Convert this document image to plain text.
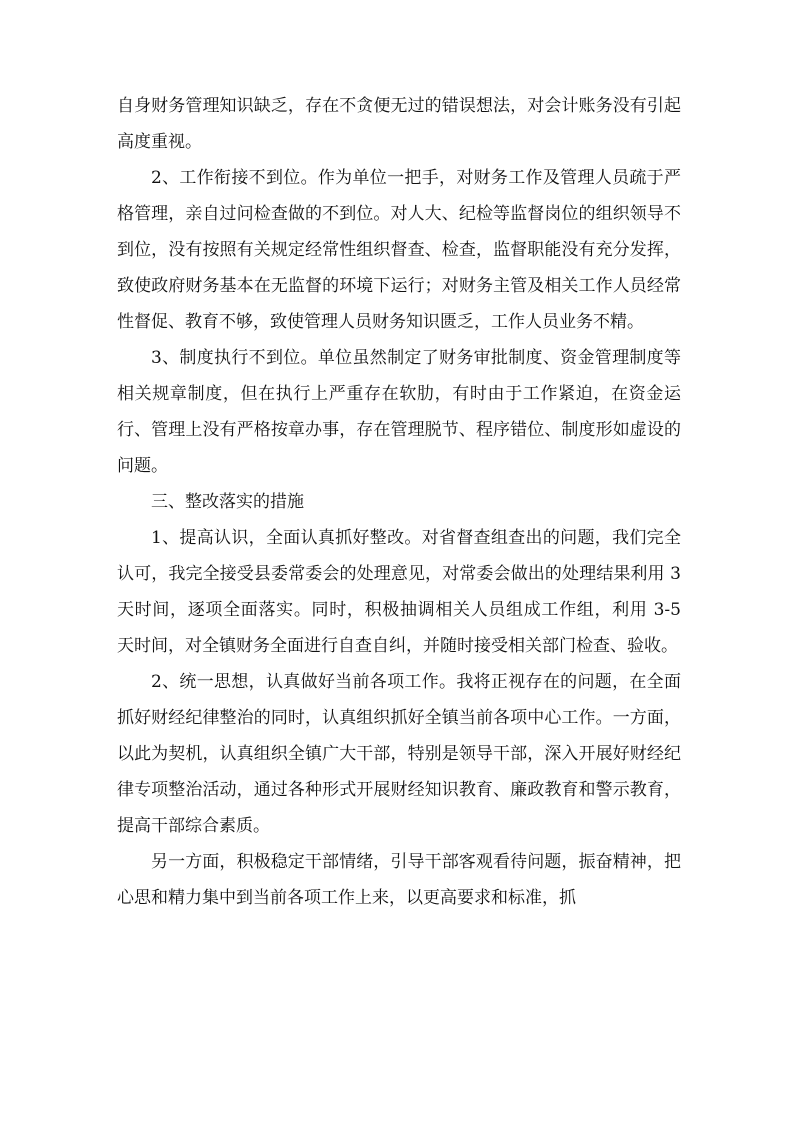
自身财务管理知识缺乏，存在不贪便无过的错误想法，对会计账务没有引起高度重视。

2、工作衔接不到位。作为单位一把手，对财务工作及管理人员疏于严格管理，亲自过问检查做的不到位。对人大、纪检等监督岗位的组织领导不到位，没有按照有关规定经常性组织督查、检查，监督职能没有充分发挥，致使政府财务基本在无监督的环境下运行；对财务主管及相关工作人员经常性督促、教育不够，致使管理人员财务知识匮乏，工作人员业务不精。

3、制度执行不到位。单位虽然制定了财务审批制度、资金管理制度等相关规章制度，但在执行上严重存在软肋，有时由于工作紧迫，在资金运行、管理上没有严格按章办事，存在管理脱节、程序错位、制度形如虚设的问题。

三、整改落实的措施

1、提高认识，全面认真抓好整改。对省督查组查出的问题，我们完全认可，我完全接受县委常委会的处理意见，对常委会做出的处理结果利用 3 天时间，逐项全面落实。同时，积极抽调相关人员组成工作组，利用 3-5 天时间，对全镇财务全面进行自查自纠，并随时接受相关部门检查、验收。

2、统一思想，认真做好当前各项工作。我将正视存在的问题，在全面抓好财经纪律整治的同时，认真组织抓好全镇当前各项中心工作。一方面，以此为契机，认真组织全镇广大干部，特别是领导干部，深入开展好财经纪律专项整治活动，通过各种形式开展财经知识教育、廉政教育和警示教育，提高干部综合素质。

另一方面，积极稳定干部情绪，引导干部客观看待问题，振奋精神，把心思和精力集中到当前各项工作上来，以更高要求和标准，抓
